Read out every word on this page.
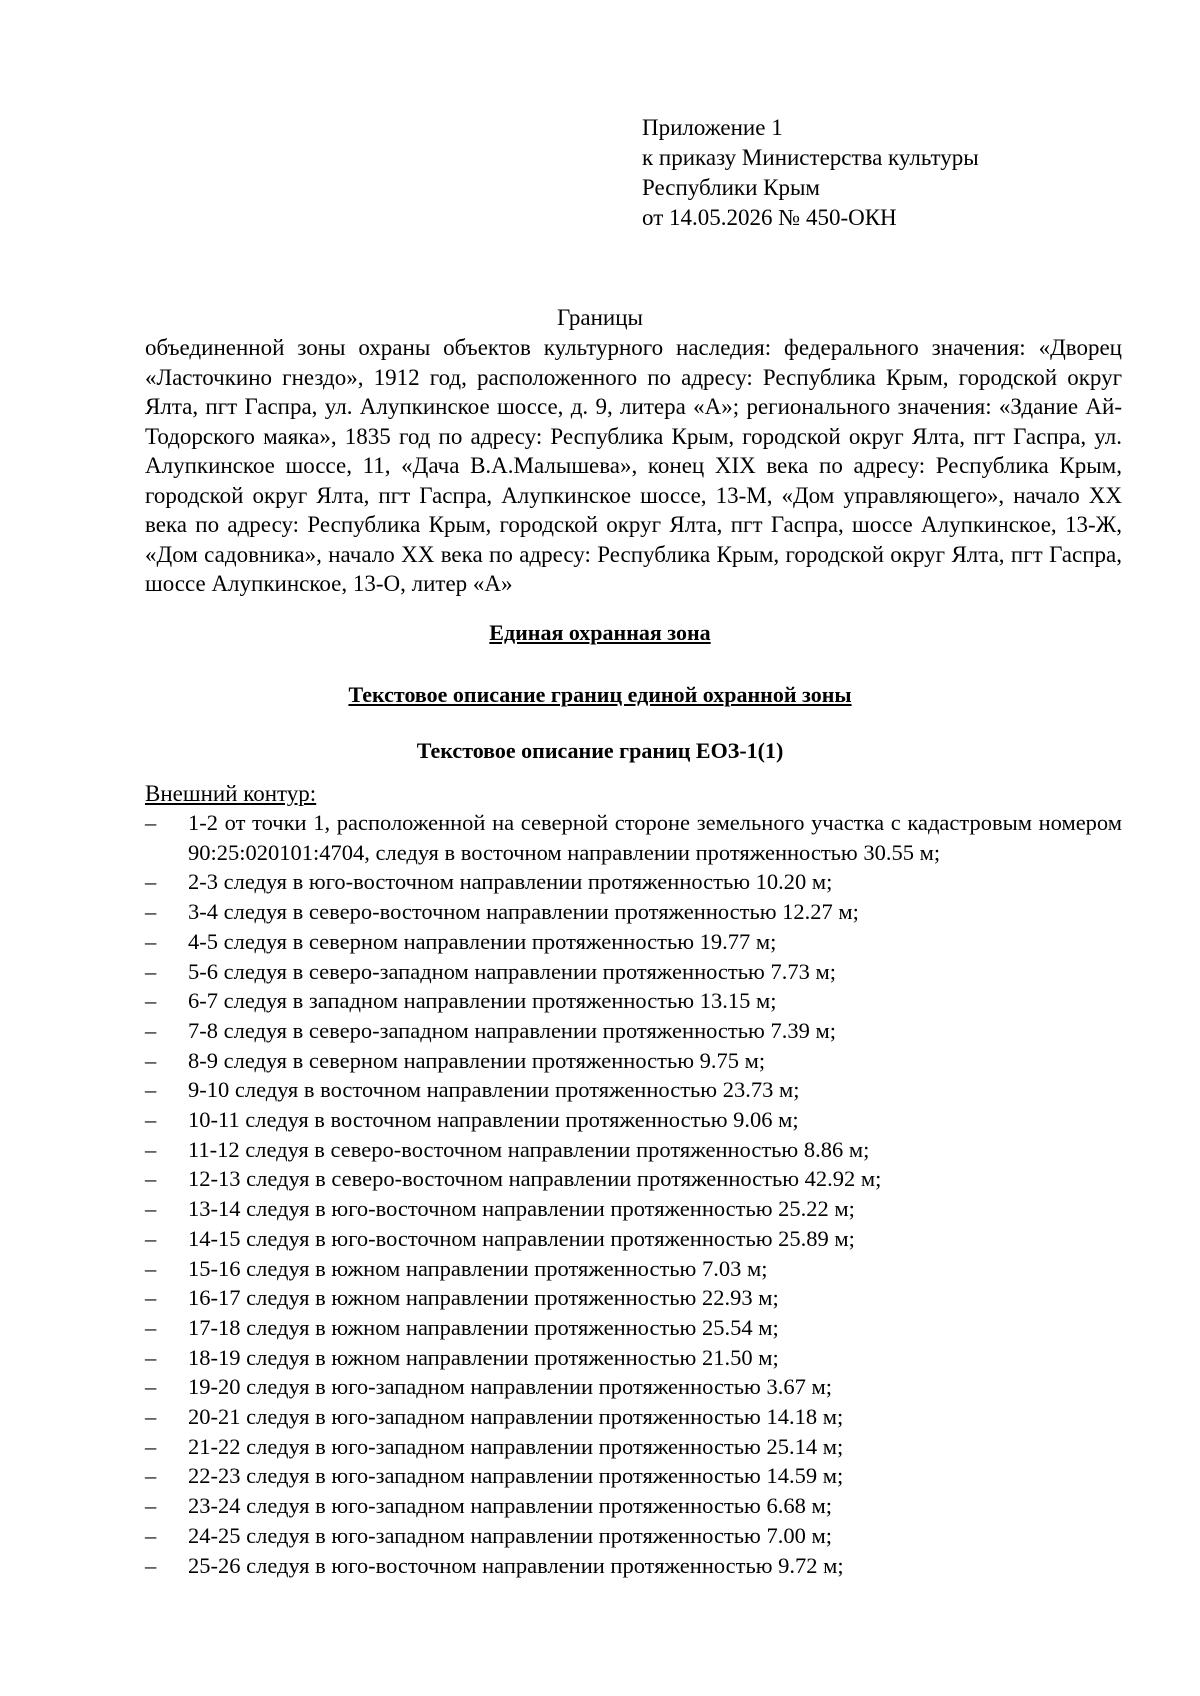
Приложение 1
к приказу Министерства культуры
Республики Крым
от 14.05.2026 № 450-ОКН
Границы
объединенной зоны охраны объектов культурного наследия: федерального значения: «Дворец «Ласточкино гнездо», 1912 год, расположенного по адресу: Республика Крым, городской округ Ялта, пгт Гаспра, ул. Алупкинское шоссе, д. 9, литера «А»; регионального значения: «Здание Ай-Тодорского маяка», 1835 год по адресу: Республика Крым, городской округ Ялта, пгт Гаспра, ул. Алупкинское шоссе, 11, «Дача В.А.Малышева», конец XIX века по адресу: Республика Крым, городской округ Ялта, пгт Гаспра, Алупкинское шоссе, 13-М, «Дом управляющего», начало XX века по адресу: Республика Крым, городской округ Ялта, пгт Гаспра, шоссе Алупкинское, 13-Ж, «Дом садовника», начало XX века по адресу: Республика Крым, городской округ Ялта, пгт Гаспра, шоссе Алупкинское, 13-О, литер «А»
Единая охранная зона
Текстовое описание границ единой охранной зоны
Текстовое описание границ ЕОЗ-1(1)
Внешний контур:
– 1-2 от точки 1, расположенной на северной стороне земельного участка с кадастровым номером 90:25:020101:4704, следуя в восточном направлении протяженностью 30.55 м;
– 2-3 следуя в юго-восточном направлении протяженностью 10.20 м;
– 3-4 следуя в северо-восточном направлении протяженностью 12.27 м;
– 4-5 следуя в северном направлении протяженностью 19.77 м;
– 5-6 следуя в северо-западном направлении протяженностью 7.73 м;
– 6-7 следуя в западном направлении протяженностью 13.15 м;
– 7-8 следуя в северо-западном направлении протяженностью 7.39 м;
– 8-9 следуя в северном направлении протяженностью 9.75 м;
– 9-10 следуя в восточном направлении протяженностью 23.73 м;
– 10-11 следуя в восточном направлении протяженностью 9.06 м;
– 11-12 следуя в северо-восточном направлении протяженностью 8.86 м;
– 12-13 следуя в северо-восточном направлении протяженностью 42.92 м;
– 13-14 следуя в юго-восточном направлении протяженностью 25.22 м;
– 14-15 следуя в юго-восточном направлении протяженностью 25.89 м;
– 15-16 следуя в южном направлении протяженностью 7.03 м;
– 16-17 следуя в южном направлении протяженностью 22.93 м;
– 17-18 следуя в южном направлении протяженностью 25.54 м;
– 18-19 следуя в южном направлении протяженностью 21.50 м;
– 19-20 следуя в юго-западном направлении протяженностью 3.67 м;
– 20-21 следуя в юго-западном направлении протяженностью 14.18 м;
– 21-22 следуя в юго-западном направлении протяженностью 25.14 м;
– 22-23 следуя в юго-западном направлении протяженностью 14.59 м;
– 23-24 следуя в юго-западном направлении протяженностью 6.68 м;
– 24-25 следуя в юго-западном направлении протяженностью 7.00 м;
– 25-26 следуя в юго-восточном направлении протяженностью 9.72 м;
